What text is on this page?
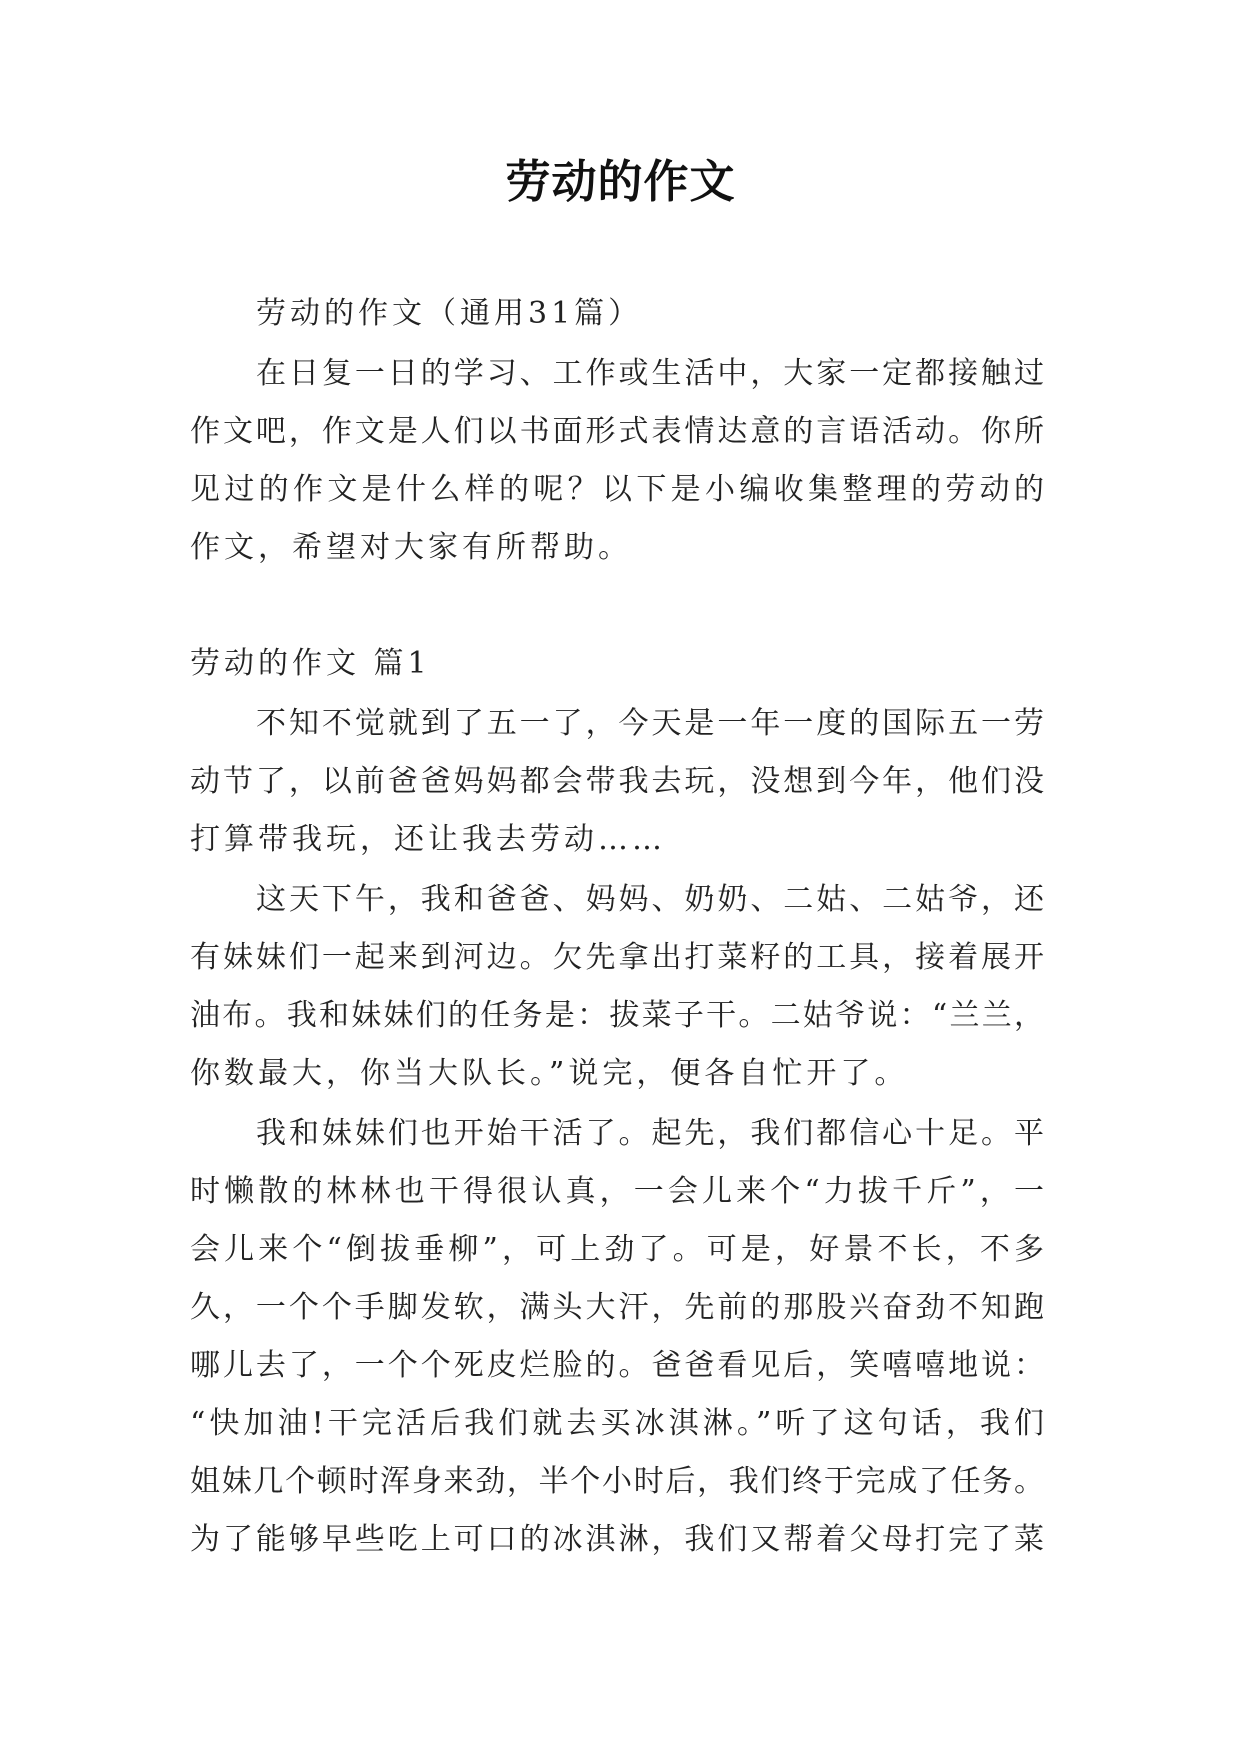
劳动的作文
劳动的作文（通用31篇）
在日复一日的学习、工作或生活中，大家一定都接触过
作文吧，作文是人们以书面形式表情达意的言语活动。你所
见过的作文是什么样的呢？以下是小编收集整理的劳动的
作文，希望对大家有所帮助。
劳动的作文 篇1
不知不觉就到了五一了，今天是一年一度的国际五一劳
动节了，以前爸爸妈妈都会带我去玩，没想到今年，他们没
打算带我玩，还让我去劳动……
这天下午，我和爸爸、妈妈、奶奶、二姑、二姑爷，还
有妹妹们一起来到河边。欠先拿出打菜籽的工具，接着展开
油布。我和妹妹们的任务是：拔菜子干。二姑爷说：“兰兰，
你数最大，你当大队长。”说完，便各自忙开了。
我和妹妹们也开始干活了。起先，我们都信心十足。平
时懒散的林林也干得很认真，一会儿来个“力拔千斤”，一
会儿来个“倒拔垂柳”，可上劲了。可是，好景不长，不多
久，一个个手脚发软，满头大汗，先前的那股兴奋劲不知跑
哪儿去了，一个个死皮烂脸的。爸爸看见后，笑嘻嘻地说：
“快加油!干完活后我们就去买冰淇淋。”听了这句话，我们
姐妹几个顿时浑身来劲，半个小时后，我们终于完成了任务。
为了能够早些吃上可口的冰淇淋，我们又帮着父母打完了菜
